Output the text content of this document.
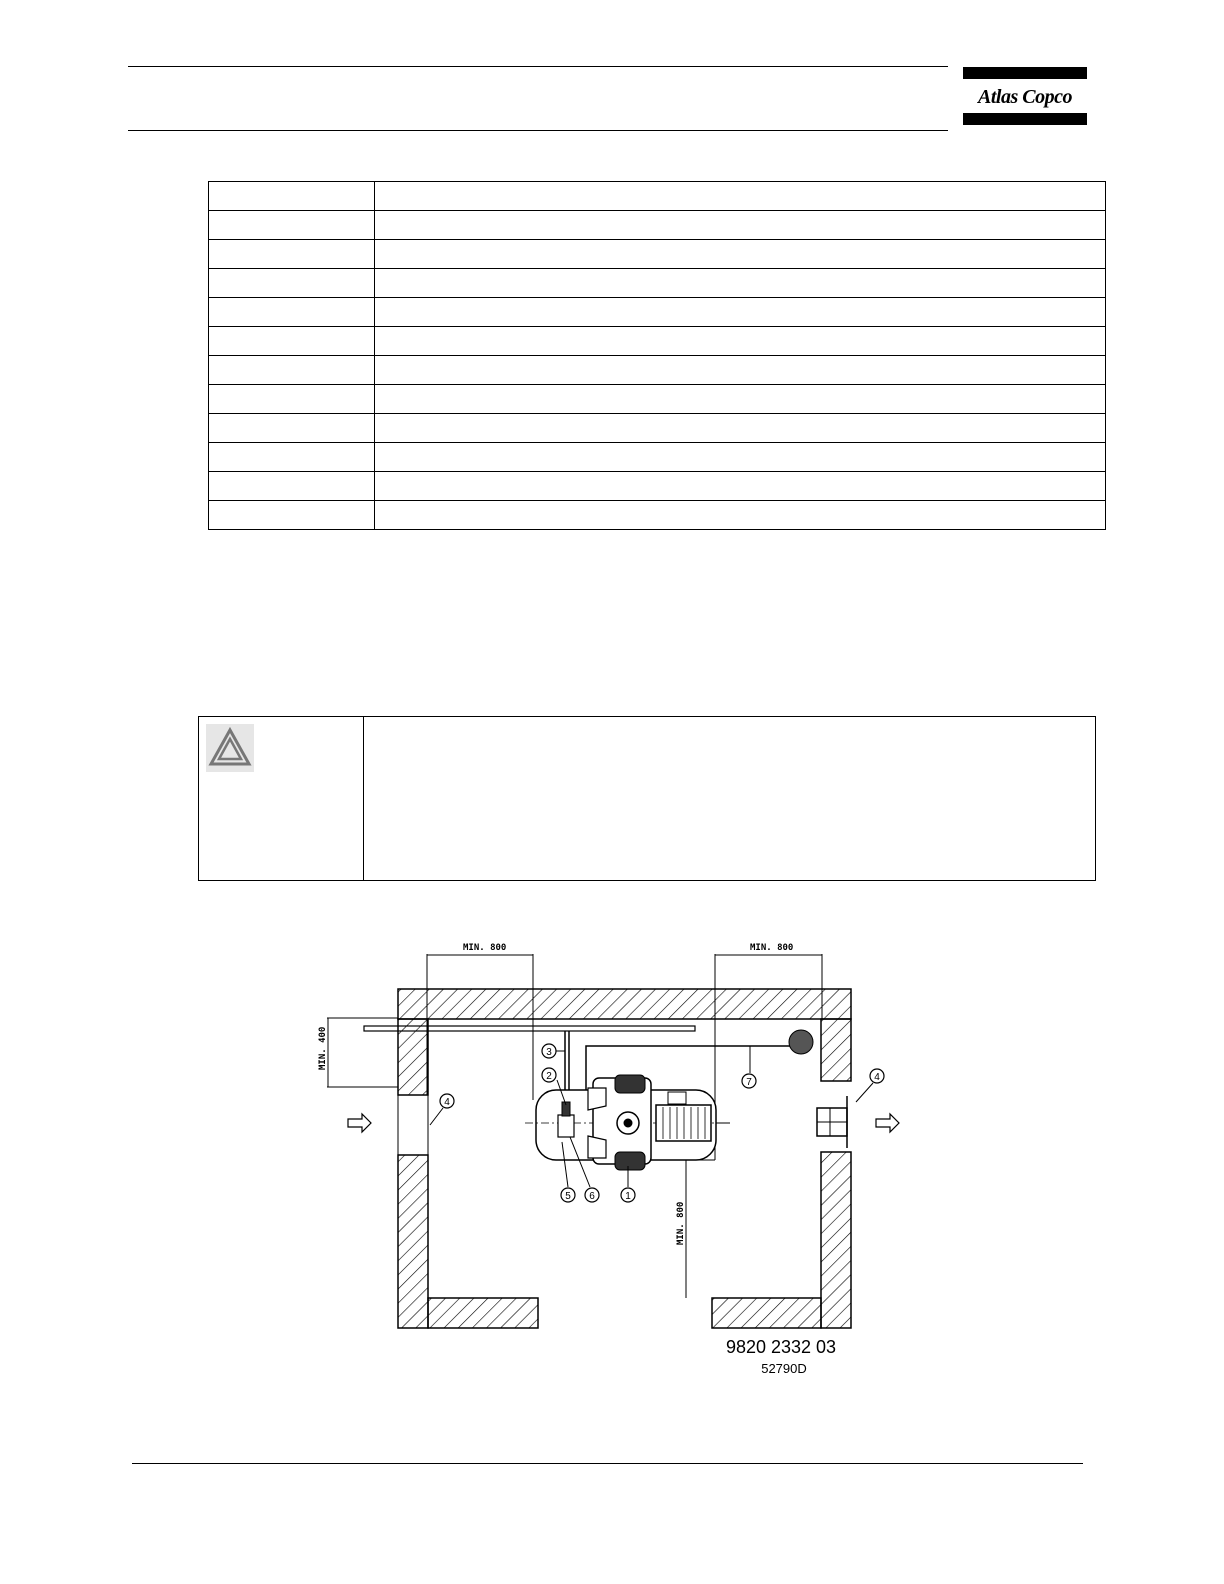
Atlas Copco

MIN. 800	MIN. 800
MIN. 400
MIN. 800
1
2
3
4
4
5 6
7
9820 2332 03
52790D
